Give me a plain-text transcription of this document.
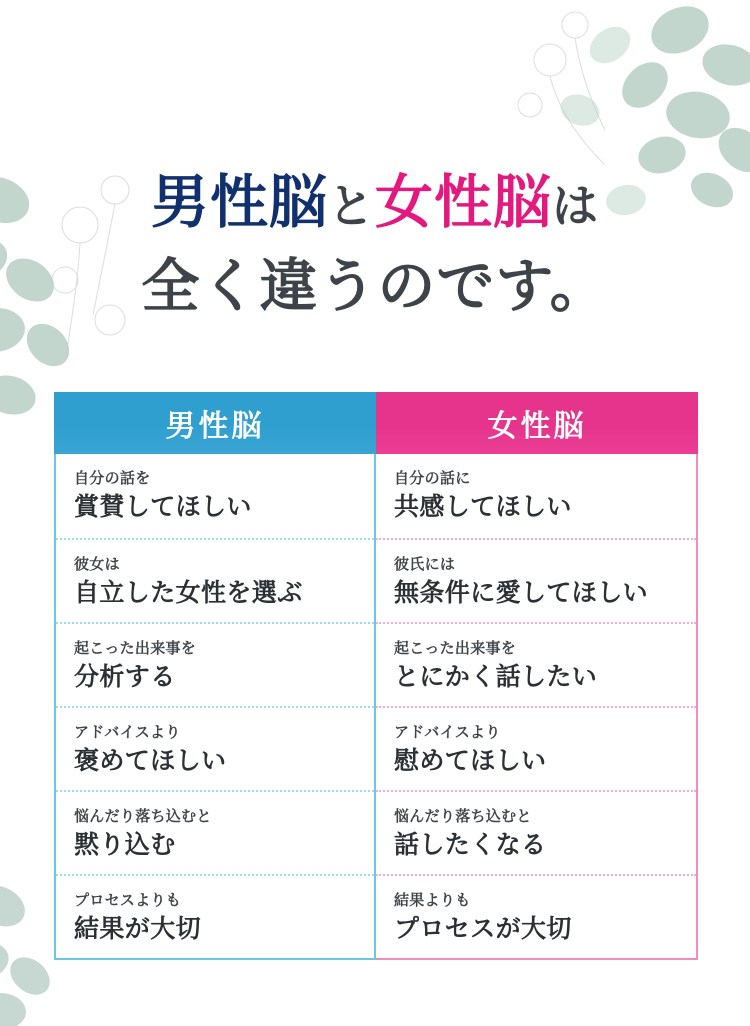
男性脳と女性脳は
全く違うのです。
男性脳
自分の話を
賞賛してほしい
彼女は
自立した女性を選ぶ
起こった出来事を
分析する
アドバイスより
褒めてほしい
悩んだり落ち込むと
黙り込む
プロセスよりも
結果が大切
女性脳
自分の話に
共感してほしい
彼氏には
無条件に愛してほしい
起こった出来事を
とにかく話したい
アドバイスより
慰めてほしい
悩んだり落ち込むと
話したくなる
結果よりも
プロセスが大切
